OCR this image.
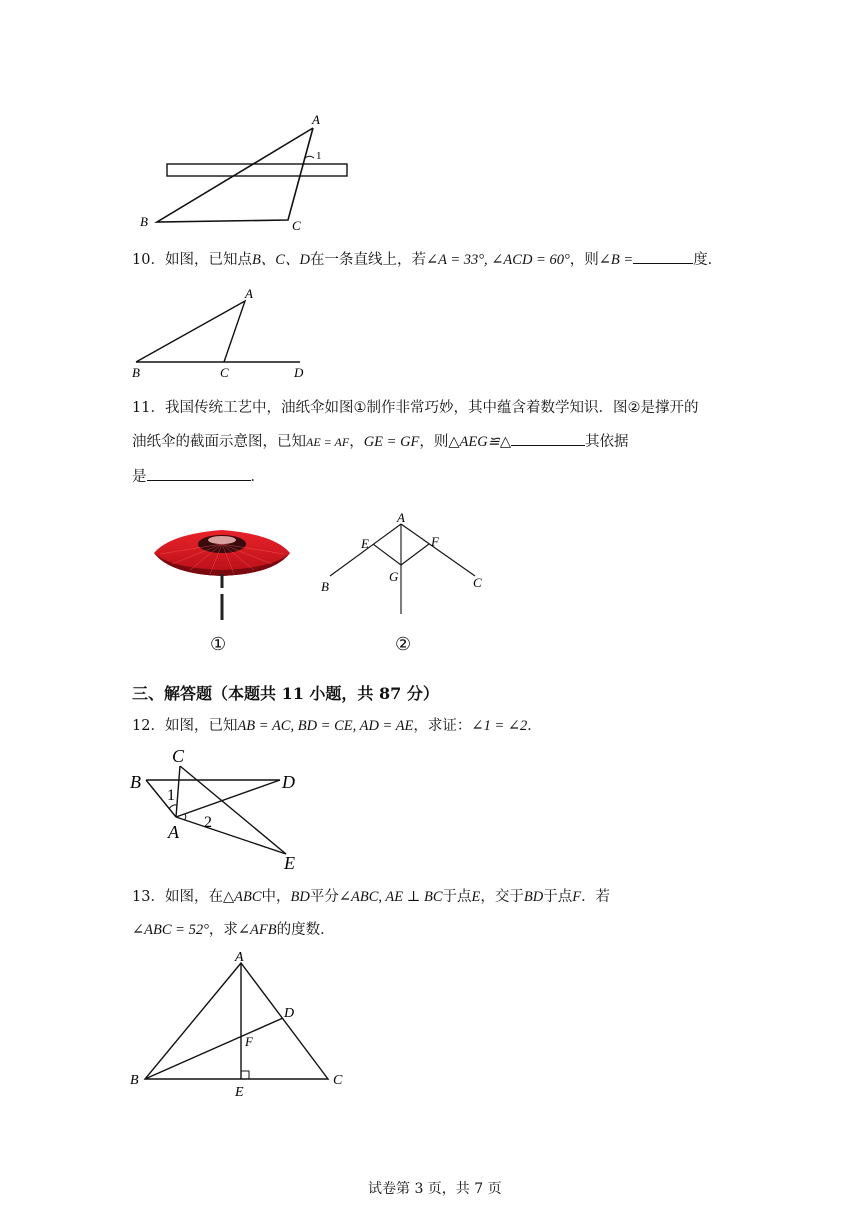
A
B	C
1
10．如图，已知点B、C、D在一条直线上，若∠A = 33°, ∠ACD = 60°，则∠B =	度．
A
B	C	D
11．我国传统工艺中，油纸伞如图①制作非常巧妙，其中蕴含着数学知识．图②是撑开的
油纸伞的截面示意图，已知AE = AF，GE = GF，则△AEG≌△	其依据
是	．
A
B	C
E	F
G
①	②
三、解答题（本题共 11 小题，共 87 分）
12．如图，已知AB = AC, BD = CE, AD = AE，求证：∠1 = ∠2．
A
B
C
D
E
1
2
13．如图，在△ABC中，BD平分∠ABC, AE ⊥ BC于点E，交于BD于点F．若
∠ABC = 52°，求∠AFB的度数．
A
B	C
D
E
F
试卷第 3 页，共 7 页
